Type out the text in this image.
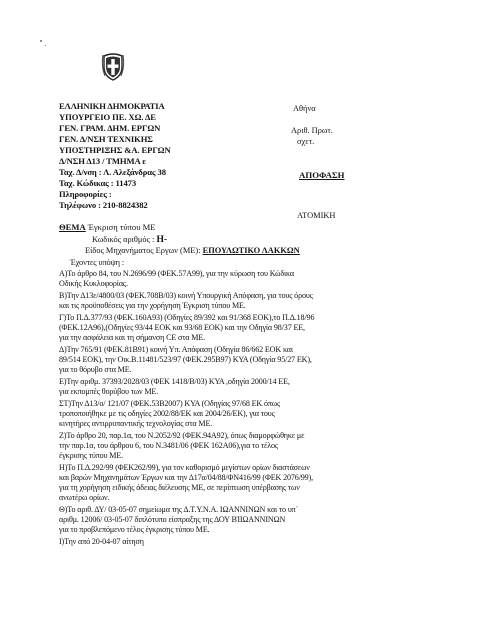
ΕΛΛΗΝΙΚΗ ΔΗΜΟΚΡΑΤΙΑ
ΥΠΟΥΡΓΕΙΟ ΠΕ. ΧΩ. ΔΕ
ΓΕΝ. ΓΡΑΜ. ΔΗΜ. ΕΡΓΩΝ
ΓΕΝ. Δ/ΝΣΗ ΤΕΧΝΙΚΗΣ
ΥΠΟΣΤΗΡΙΞΗΣ &Α. ΕΡΓΩΝ
Δ/ΝΣΗ Δ13 / ΤΜΗΜΑ ε
Ταχ. Δ/νση : Λ. Αλεξάνδρας 38
Ταχ. Κώδικας : 11473
Πληροφορίες :
Τηλέφωνο : 210-8824382
Αθήνα
Αριθ. Πρωτ.
σχετ.
ΑΠΟΦΑΣΗ
ΑΤΟΜΙΚΗ
ΘΕΜΑ Έγκριση τύπου ΜΕ
Κωδικός αριθμός : Η-
Είδος Μηχανήματος Εργων (ΜΕ): ΕΠΟΥΛΩΤΙΚΟ ΛΑΚΚΩΝ
Έχοντες υπόψη :
Α)Το άρθρο 84, του Ν.2696/99 (ΦΕΚ.57Α99), για την κύρωση του Κώδικα
Οδικής Κυκλοφορίας.
Β)Την Δ13ε/4800/03 (ΦΕΚ.708Β/03) κοινή Υπουργική Απόφαση, για τους όρους
και τις προϋποθέσεις για την χορήγηση Έγκριση τύπου ΜΕ.
Γ)Το Π.Δ.377/93 (ΦΕΚ.160Α93) (Οδηγίες 89/392 και 91/368 ΕΟΚ),το Π.Δ.18/96
(ΦΕΚ.12Α96),(Οδηγίες 93/44 ΕΟΚ και 93/68 ΕΟΚ) και την Οδηγία 98/37 ΕΕ,
για την ασφάλεια και τη σήμανση CE στα ΜΕ.
Δ)Την 765/91 (ΦΕΚ.81Β91) κοινή Υπ. Απόφαση (Οδηγία 86/662 ΕΟΚ και
89/514 ΕΟΚ), την Οικ.Β.11481/523/97 (ΦΕΚ.295Β97) ΚΥΑ (Οδηγία 95/27 ΕΚ),
για το θόρυβο στα ΜΕ.
Ε)Την αριθμ. 37393/2028/03 (ΦΕΚ 1418/Β/03) ΚΥΑ ,οδηγία 2000/14 ΕΕ,
για εκπομπές θορύβου των ΜΕ.
ΣΤ)Την Δ13/ο/ 121/07 (ΦΕΚ.53Β2007) ΚΥΑ (Οδηγίας 97/68 ΕΚ όπως
τροποποιήθηκε με τις οδηγίες 2002/88/ΕΚ και 2004/26/ΕΚ), για τους
κινητήρες αντιρρυπαντικής τεχνολογίας στα ΜΕ.
Ζ)Το άρθρο 20, παρ.1α, του Ν.2052/92 (ΦΕΚ.94Α92), όπως διαμορφώθηκε με
την παρ.1α, του άρθρου 6, του Ν.3481/06 (ΦΕΚ 162Α06),για το τέλος
έγκρισης τύπου ΜΕ.
Η)Το Π.Δ.292/99 (ΦΕΚ262/99), για τον καθορισμό μεγίστων ορίων διαστάσεων
και βαρών Μηχανημάτων Έργων και την Δ17α/04/88/ΦΝ416/99 (ΦΕΚ 2076/99),
για τη χορήγηση ειδικής άδειας διέλευσης ΜΕ, σε περίπτωση υπέρβασης των
ανωτέρω ορίων.
Θ)Το αριθ. ΔΥ/ 03-05-07 σημείωμα της Δ.Τ.Υ.Ν.Α. ΙΩΑΝΝΙΝΩΝ και το υπ΄
αριθμ. 12006/ 03-05-07 διπλότυπο είσπραξης της ΔΟΥ ΒΊΙΩΑΝΝΙΝΩΝ
για το προβλεπόμενο τέλος έγκρισης τύπου ΜΕ.
Ι)Την από 20-04-07 αίτηση
